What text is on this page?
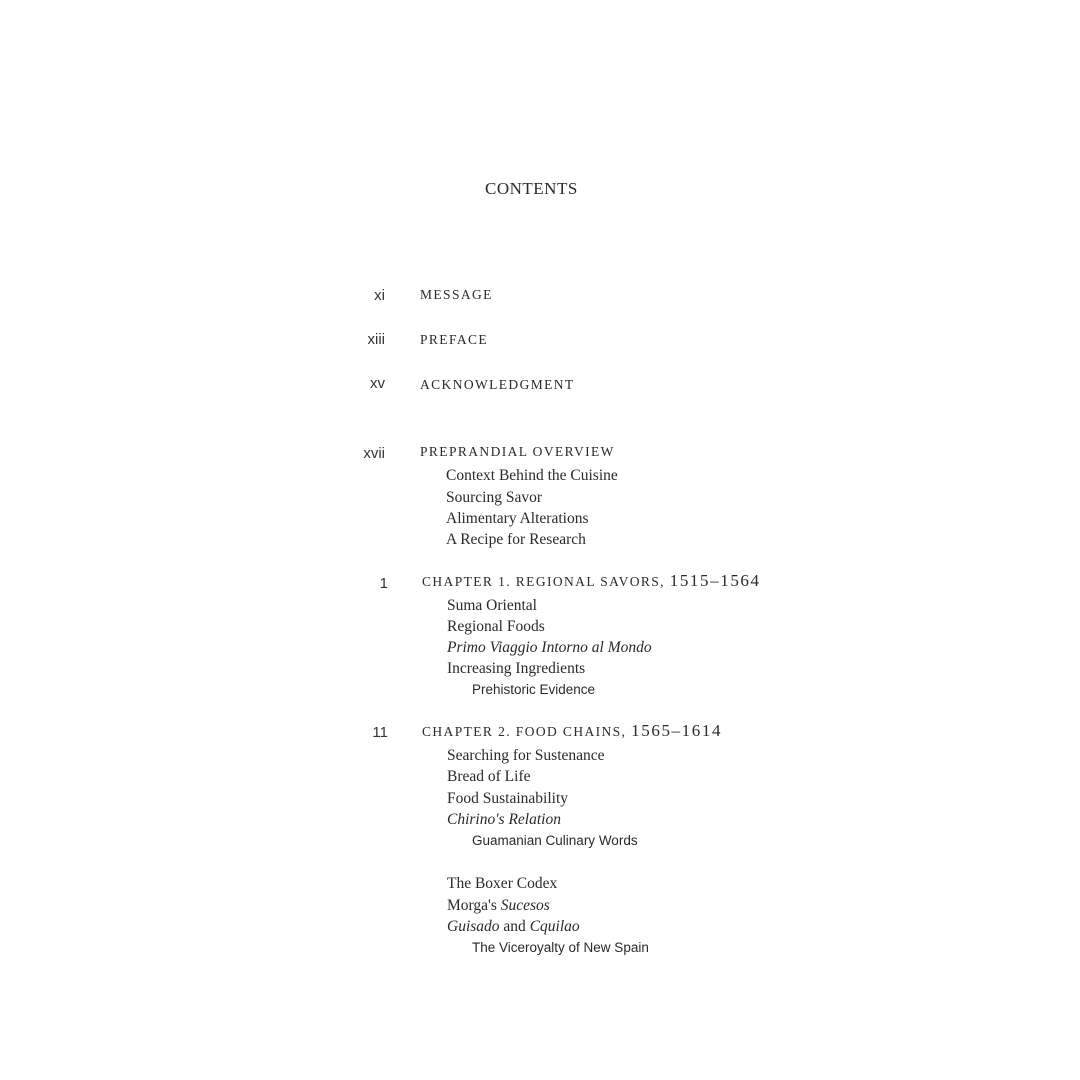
CONTENTS
xi	MESSAGE
xiii	PREFACE
xv	ACKNOWLEDGMENT
xvii	PREPRANDIAL OVERVIEW
Context Behind the Cuisine
Sourcing Savor
Alimentary Alterations
A Recipe for Research
1	CHAPTER 1. REGIONAL SAVORS, 1515–1564
Suma Oriental
Regional Foods
Primo Viaggio Intorno al Mondo
Increasing Ingredients
Prehistoric Evidence
11	CHAPTER 2. FOOD CHAINS, 1565–1614
Searching for Sustenance
Bread of Life
Food Sustainability
Chirino's Relation
Guamanian Culinary Words
The Boxer Codex
Morga's Sucesos
Guisado and Cquilao
The Viceroyalty of New Spain
